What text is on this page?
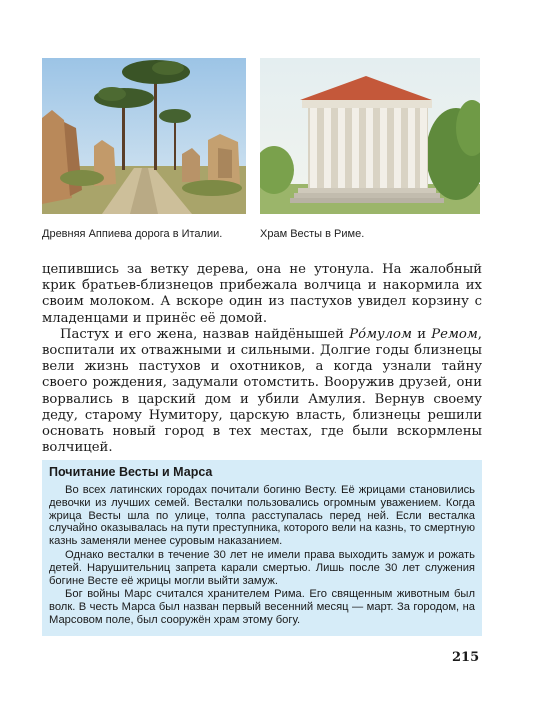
Древняя Аппиева дорога в Италии.	Храм Весты в Риме.

цепившись за ветку дерева, она не утонула. На жалобный крик братьев-близнецов прибежала волчица и накормила их своим молоком. А вскоре один из пастухов увидел корзину с младенцами и принёс её домой.

Пастух и его жена, назвав найдёнышей Ро́мулом и Ремом, воспитали их отважными и сильными. Долгие годы близнецы вели жизнь пастухов и охотников, а когда узнали тайну своего рождения, задумали отомстить. Вооружив друзей, они ворвались в царский дом и убили Амулия. Вернув своему деду, старому Нумитору, царскую власть, близнецы решили основать новый город в тех местах, где были вскормлены волчицей.

Почитание Весты и Марса

Во всех латинских городах почитали богиню Весту. Её жрицами становились девочки из лучших семей. Весталки пользовались огромным уважением. Когда жрица Весты шла по улице, толпа расступалась перед ней. Если весталка случайно оказывалась на пути преступника, которого вели на казнь, то смертную казнь заменяли менее суровым наказанием.

Однако весталки в течение 30 лет не имели права выходить замуж и рожать детей. Нарушительниц запрета карали смертью. Лишь после 30 лет служения богине Весте её жрицы могли выйти замуж.

Бог войны Марс считался хранителем Рима. Его священным животным был волк. В честь Марса был назван первый весенний месяц — март. За городом, на Марсовом поле, был сооружён храм этому богу.

215
